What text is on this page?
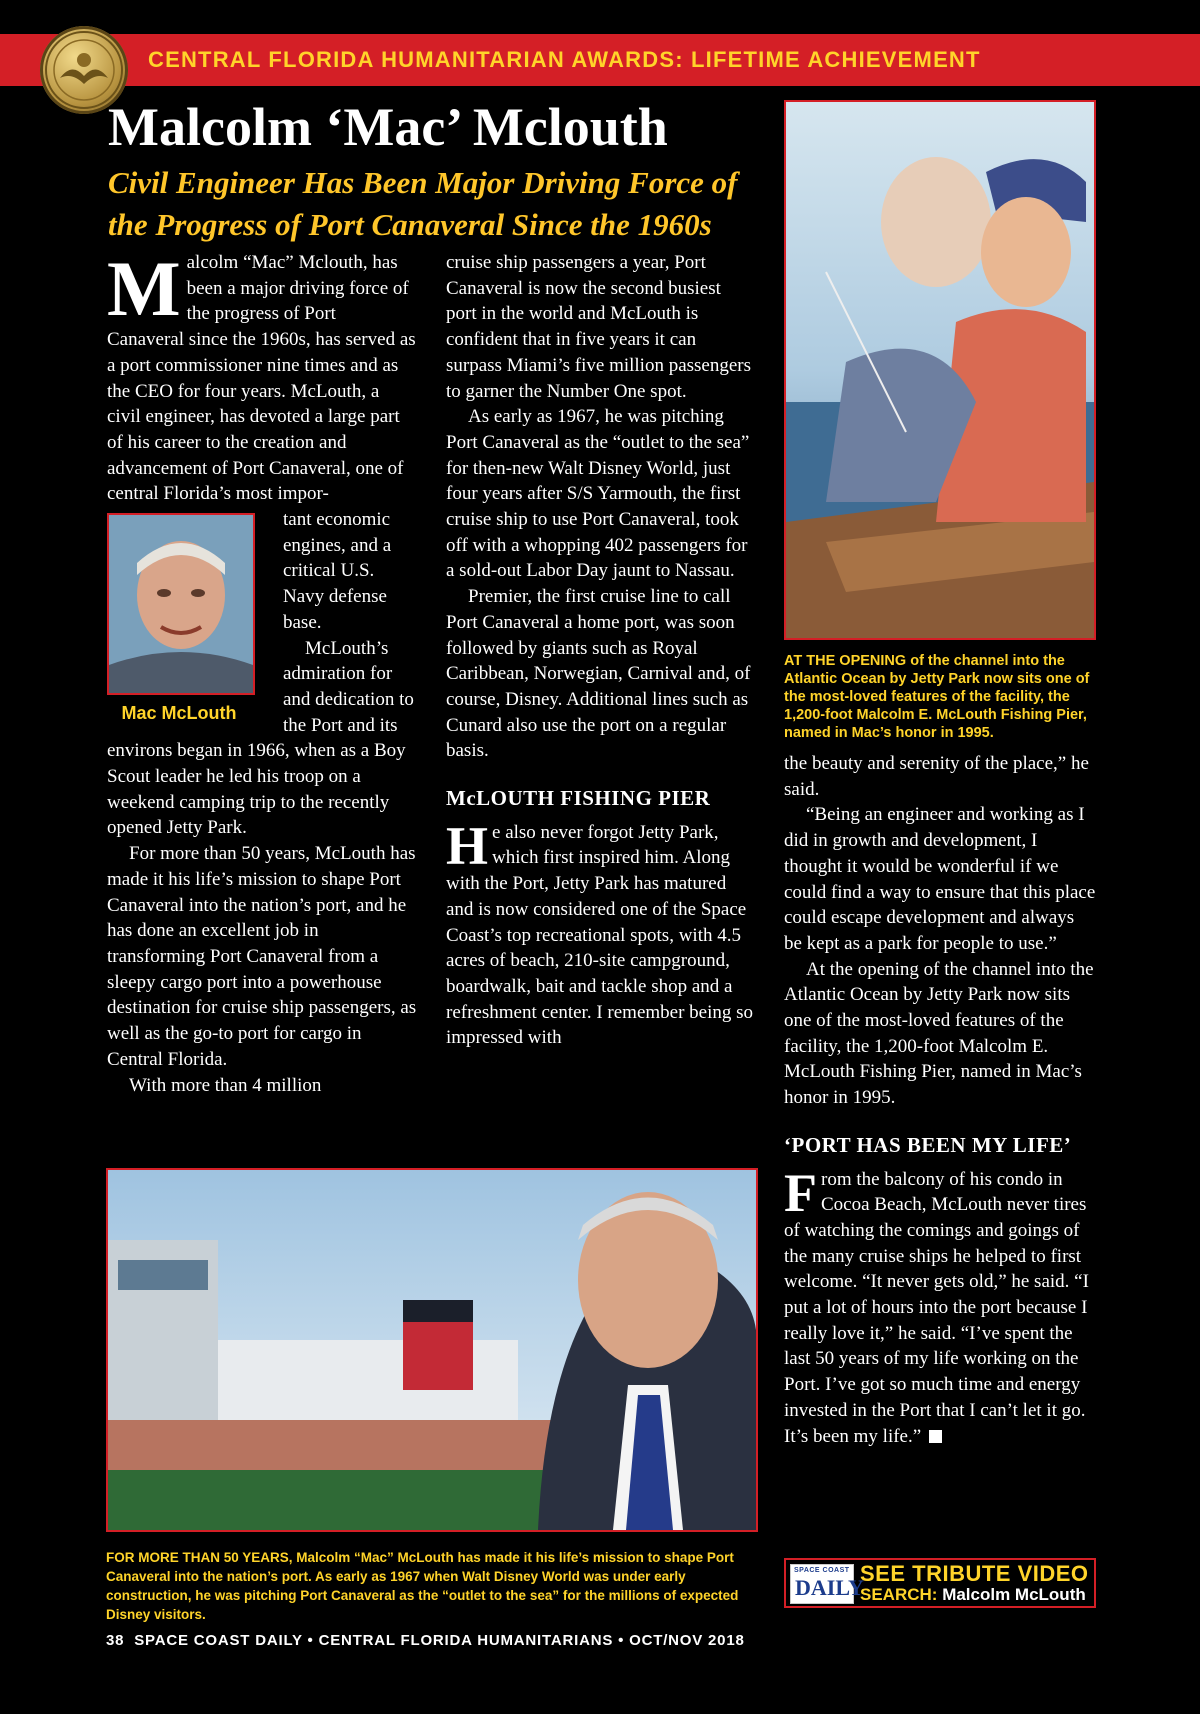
CENTRAL FLORIDA HUMANITARIAN AWARDS: LIFETIME ACHIEVEMENT
Malcolm ‘Mac’ Mclouth
Civil Engineer Has Been Major Driving Force of the Progress of Port Canaveral Since the 1960s

Malcolm “Mac” Mclouth, has been a major driving force of the progress of Port Canaveral since the 1960s, has served as a port commissioner nine times and as the CEO for four years. McLouth, a civil engineer, has devoted a large part of his career to the creation and advancement of Port Canaveral, one of central Florida’s most impor-

Mac McLouth

tant economic engines, and a critical U.S. Navy defense base.

McLouth’s admiration for and dedication to the Port and its environs began in 1966, when as a Boy Scout leader he led his troop on a weekend camping trip to the recently opened Jetty Park.

For more than 50 years, McLouth has made it his life’s mission to shape Port Canaveral into the nation’s port, and he has done an excellent job in transforming Port Canaveral from a sleepy cargo port into a powerhouse destination for cruise ship passengers, as well as the go-to port for cargo in Central Florida.

With more than 4 million

cruise ship passengers a year, Port Canaveral is now the second busiest port in the world and McLouth is confident that in five years it can surpass Miami’s five million passengers to garner the Number One spot.

As early as 1967, he was pitching Port Canaveral as the “outlet to the sea” for then-new Walt Disney World, just four years after S/S Yarmouth, the first cruise ship to use Port Canaveral, took off with a whopping 402 passengers for a sold-out Labor Day jaunt to Nassau.

Premier, the first cruise line to call Port Canaveral a home port, was soon followed by giants such as Royal Caribbean, Norwegian, Carnival and, of course, Disney. Additional lines such as Cunard also use the port on a regular basis.

McLOUTH FISHING PIER

He also never forgot Jetty Park, which first inspired him. Along with the Port, Jetty Park has matured and is now considered one of the Space Coast’s top recreational spots, with 4.5 acres of beach, 210-site campground, boardwalk, bait and tackle shop and a refreshment center. I remember being so impressed with

AT THE OPENING of the channel into the Atlantic Ocean by Jetty Park now sits one of the most-loved features of the facility, the 1,200-foot Malcolm E. McLouth Fishing Pier, named in Mac’s honor in 1995.

the beauty and serenity of the place,” he said.

“Being an engineer and working as I did in growth and development, I thought it would be wonderful if we could find a way to ensure that this place could escape development and always be kept as a park for people to use.”

At the opening of the channel into the Atlantic Ocean by Jetty Park now sits one of the most-loved features of the facility, the 1,200-foot Malcolm E. McLouth Fishing Pier, named in Mac’s honor in 1995.

‘PORT HAS BEEN MY LIFE’

From the balcony of his condo in Cocoa Beach, McLouth never tires of watching the comings and goings of the many cruise ships he helped to first welcome. “It never gets old,” he said. “I put a lot of hours into the port because I really love it,” he said. “I’ve spent the last 50 years of my life working on the Port. I’ve got so much time and energy invested in the Port that I can’t let it go. It’s been my life.”

FOR MORE THAN 50 YEARS, Malcolm “Mac” McLouth has made it his life’s mission to shape Port Canaveral into the nation’s port. As early as 1967 when Walt Disney World was under early construction, he was pitching Port Canaveral as the “outlet to the sea” for the millions of expected Disney visitors.
SPACE COAST
DAILY
SEE TRIBUTE VIDEO
SEARCH: Malcolm McLouth
38 SPACE COAST DAILY • CENTRAL FLORIDA HUMANITARIANS • OCT/NOV 2018
